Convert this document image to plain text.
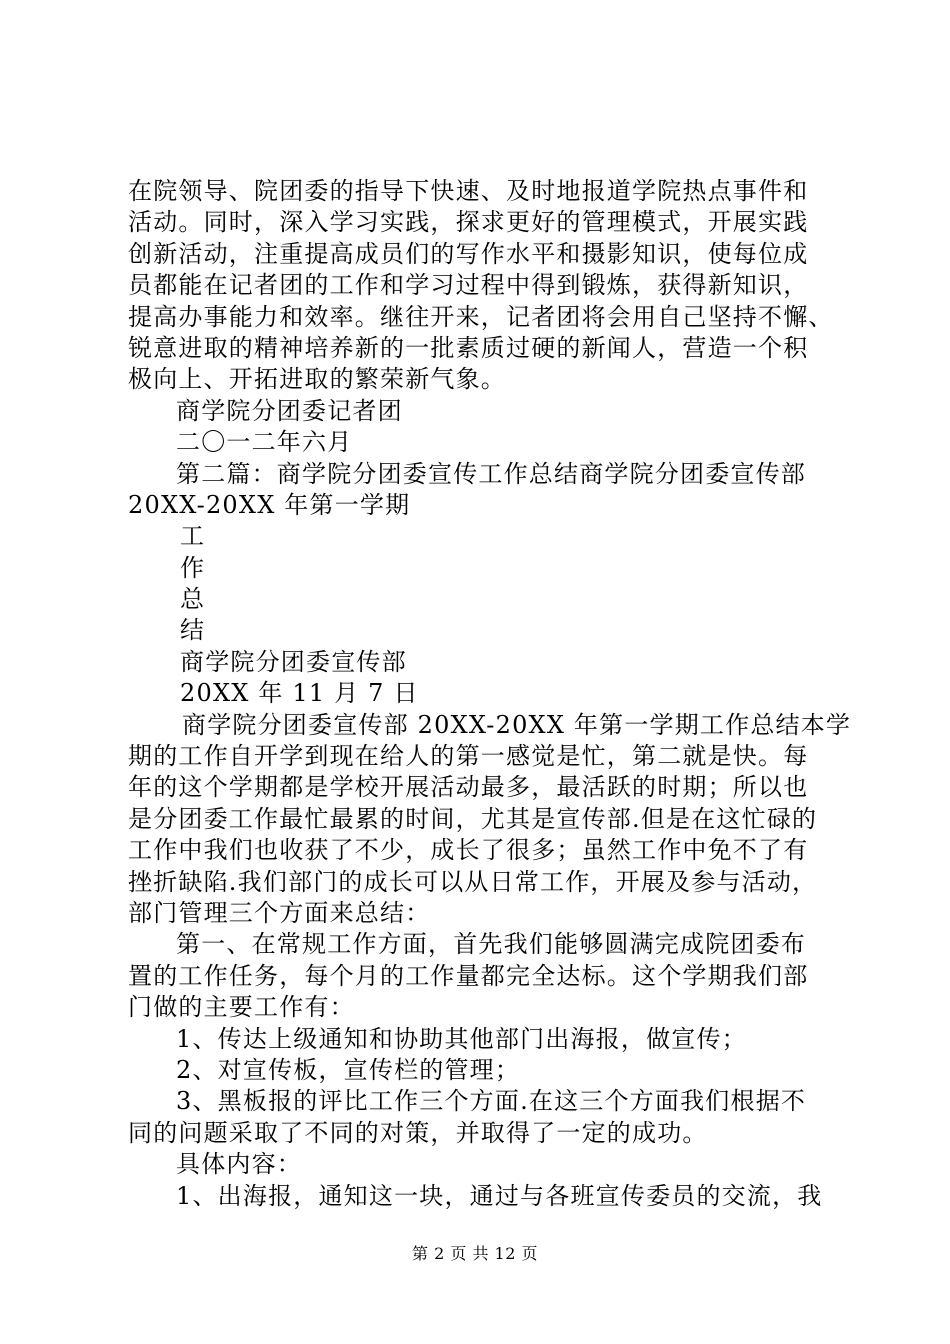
在院领导、院团委的指导下快速、及时地报道学院热点事件和
活动。同时，深入学习实践，探求更好的管理模式，开展实践
创新活动，注重提高成员们的写作水平和摄影知识，使每位成
员都能在记者团的工作和学习过程中得到锻炼，获得新知识，
提高办事能力和效率。继往开来，记者团将会用自己坚持不懈、
锐意进取的精神培养新的一批素质过硬的新闻人，营造一个积
极向上、开拓进取的繁荣新气象。
商学院分团委记者团
二〇一二年六月
第二篇：商学院分团委宣传工作总结商学院分团委宣传部
20XX-20XX 年第一学期
工
作
总
结
商学院分团委宣传部
20XX 年 11 月 7 日
商学院分团委宣传部 20XX-20XX 年第一学期工作总结本学
期的工作自开学到现在给人的第一感觉是忙，第二就是快。每
年的这个学期都是学校开展活动最多，最活跃的时期；所以也
是分团委工作最忙最累的时间，尤其是宣传部.但是在这忙碌的
工作中我们也收获了不少，成长了很多；虽然工作中免不了有
挫折缺陷.我们部门的成长可以从日常工作，开展及参与活动，
部门管理三个方面来总结：
第一、在常规工作方面，首先我们能够圆满完成院团委布
置的工作任务，每个月的工作量都完全达标。这个学期我们部
门做的主要工作有：
1、传达上级通知和协助其他部门出海报，做宣传；
2、对宣传板，宣传栏的管理；
3、黑板报的评比工作三个方面.在这三个方面我们根据不
同的问题采取了不同的对策，并取得了一定的成功。
具体内容：
1、出海报，通知这一块，通过与各班宣传委员的交流，我
第 2 页 共 12 页
